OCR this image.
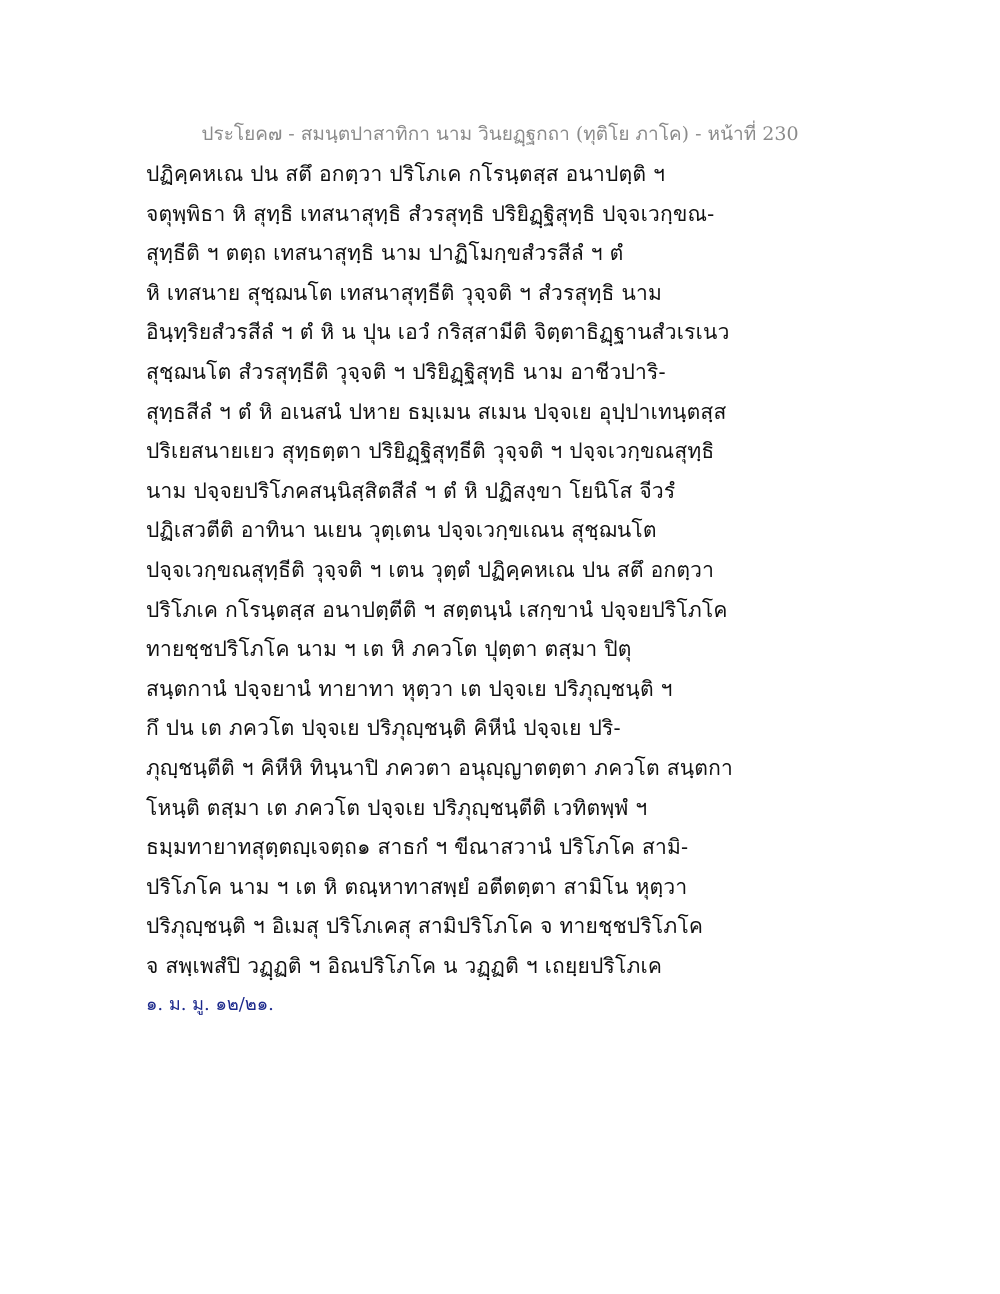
ประโยค๗ - สมนฺตปาสาทิกา นาม วินยฏฺฐกถา (ทุติโย ภาโค) - หน้าที่ 230
ปฏิคฺคหเณ ปน สตึ อกตฺวา ปริโภเค กโรนฺตสฺส อนาปตฺติ ฯ
จตุพฺพิธา หิ สุทฺธิ เทสนาสุทฺธิ สํวรสุทฺธิ ปริยิฏฺฐิสุทฺธิ ปจฺจเวกฺขณ-
สุทฺธีติ ฯ ตตฺถ เทสนาสุทฺธิ นาม ปาฏิโมกฺขสํวรสีลํ ฯ ตํ
หิ เทสนาย สุชฺฌนโต เทสนาสุทฺธีติ วุจฺจติ ฯ สํวรสุทฺธิ นาม
อินฺทฺริยสํวรสีลํ ฯ ตํ หิ น ปุน เอวํ กริสฺสามีติ จิตฺตาธิฏฺฐานสํวเรเนว
สุชฺฌนโต สํวรสุทฺธีติ วุจฺจติ ฯ ปริยิฏฺฐิสุทฺธิ นาม อาชีวปาริ-
สุทฺธสีลํ ฯ ตํ หิ อเนสนํ ปหาย ธมฺเมน สเมน ปจฺจเย อุปฺปาเทนฺตสฺส
ปริเยสนายเยว สุทฺธตฺตา ปริยิฏฺฐิสุทฺธีติ วุจฺจติ ฯ ปจฺจเวกฺขณสุทฺธิ
นาม ปจฺจยปริโภคสนฺนิสฺสิตสีลํ ฯ ตํ หิ ปฏิสงฺขา โยนิโส จีวรํ
ปฏิเสวตีติ อาทินา นเยน วุตฺเตน ปจฺจเวกฺขเณน สุชฺฌนโต
ปจฺจเวกฺขณสุทฺธีติ วุจฺจติ ฯ เตน วุตฺตํ ปฏิคฺคหเณ ปน สตึ อกตฺวา
ปริโภเค กโรนฺตสฺส อนาปตฺตีติ ฯ สตฺตนฺนํ เสกฺขานํ ปจฺจยปริโภโค
ทายชฺชปริโภโค นาม ฯ เต หิ ภควโต ปุตฺตา ตสฺมา ปิตุ
สนฺตกานํ ปจฺจยานํ ทายาทา หุตฺวา เต ปจฺจเย ปริภุญฺชนฺติ ฯ
กึ ปน เต ภควโต ปจฺจเย ปริภุญฺชนฺติ คิหีนํ ปจฺจเย ปริ-
ภุญฺชนฺตีติ ฯ คิหีหิ ทินฺนาปิ ภควตา อนุญฺญาตตฺตา ภควโต สนฺตกา
โหนฺติ ตสฺมา เต ภควโต ปจฺจเย ปริภุญฺชนฺตีติ เวทิตพฺพํ ฯ
ธมฺมทายาทสุตฺตญฺเจตฺถ๑ สาธกํ ฯ ขีณาสวานํ ปริโภโค สามิ-
ปริโภโค นาม ฯ เต หิ ตณฺหาทาสพฺยํ อตีตตฺตา สามิโน หุตฺวา
ปริภุญฺชนฺติ ฯ อิเมสุ ปริโภเคสุ สามิปริโภโค จ ทายชฺชปริโภโค
จ สพฺเพสํปิ วฏฺฏติ ฯ อิณปริโภโค น วฏฺฏติ ฯ เถยฺยปริโภเค
๑. ม. มู. ๑๒/๒๑.
